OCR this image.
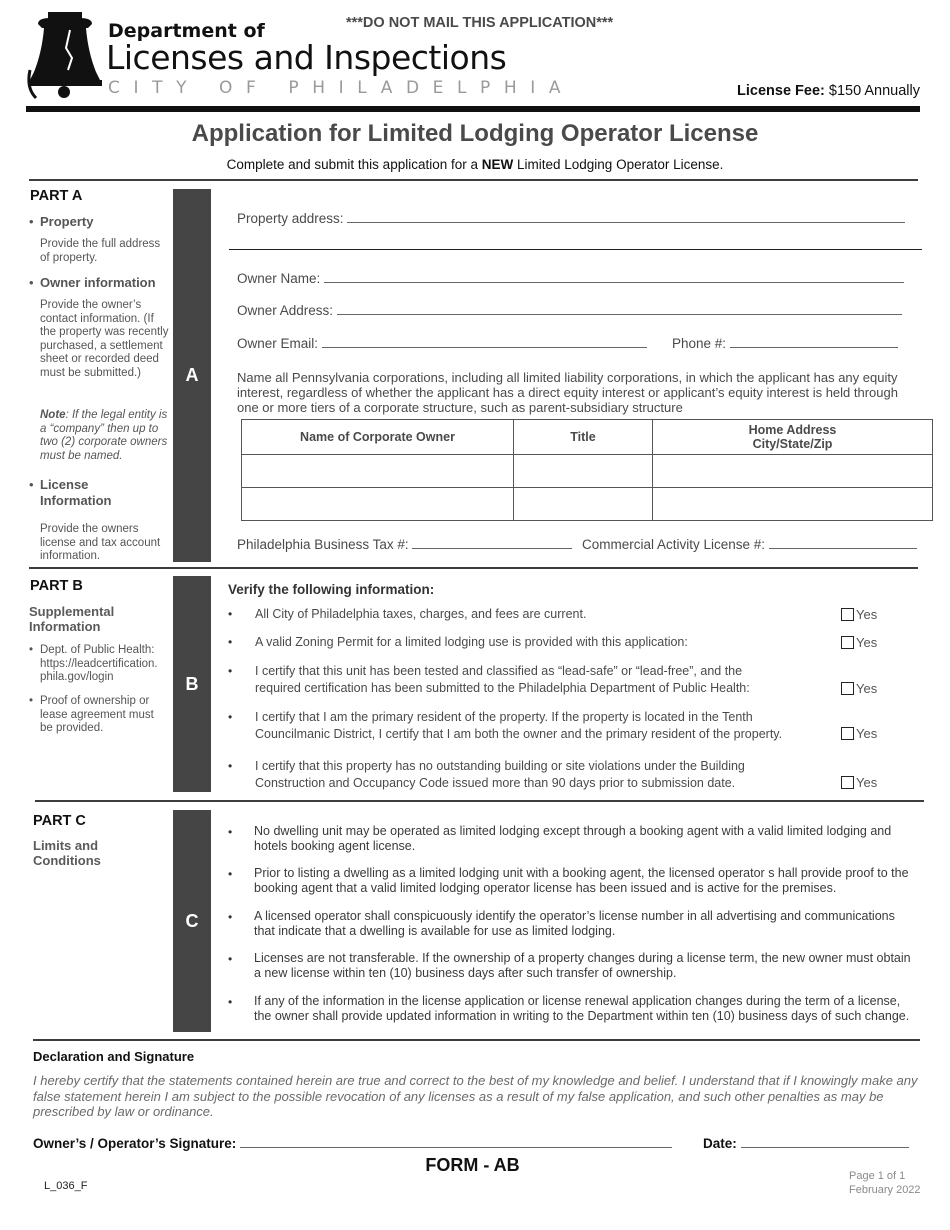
Department of
Licenses and Inspections
CITY OF PHILADELPHIA
***DO NOT MAIL THIS APPLICATION***
License Fee: $150 Annually
Application for Limited Lodging Operator License
Complete and submit this application for a NEW Limited Lodging Operator License.
PART A
• Property
Provide the full address of property.
• Owner information
Provide the owner’s contact information. (If the property was recently purchased, a settlement sheet or recorded deed must be submitted.)
Note: If the legal entity is a “company” then up to two (2) corporate owners must be named.
• License Information
Provide the owners license and tax account information.
A
Property address:
Owner Name:
Owner Address:
Owner Email:	Phone #:
Name all Pennsylvania corporations, including all limited liability corporations, in which the applicant has any equity interest, regardless of whether the applicant has a direct equity interest or applicant’s equity interest is held through one or more tiers of a corporate structure, such as parent-subsidiary structure
Name of Corporate Owner	Title	Home Address
City/State/Zip

Philadelphia Business Tax #:	Commercial Activity License #:
PART B
Supplemental Information
• Dept. of Public Health: https://leadcertification. phila.gov/login
• Proof of ownership or lease agreement must be provided.
B
Verify the following information:
• All City of Philadelphia taxes, charges, and fees are current.	Yes
• A valid Zoning Permit for a limited lodging use is provided with this application:	Yes
• I certify that this unit has been tested and classified as “lead-safe” or “lead-free”, and the
required certification has been submitted to the Philadelphia Department of Public Health:	Yes
• I certify that I am the primary resident of the property. If the property is located in the Tenth
Councilmanic District, I certify that I am both the owner and the primary resident of the property.	Yes
• I certify that this property has no outstanding building or site violations under the Building
Construction and Occupancy Code issued more than 90 days prior to submission date.	Yes
PART C
Limits and Conditions
C
• No dwelling unit may be operated as limited lodging except through a booking agent with a valid limited lodging and hotels booking agent license.
• Prior to listing a dwelling as a limited lodging unit with a booking agent, the licensed operator s hall provide proof to the booking agent that a valid limited lodging operator license has been issued and is active for the premises.
• A licensed operator shall conspicuously identify the operator’s license number in all advertising and communications that indicate that a dwelling is available for use as limited lodging.
• Licenses are not transferable. If the ownership of a property changes during a license term, the new owner must obtain a new license within ten (10) business days after such transfer of ownership.
• If any of the information in the license application or license renewal application changes during the term of a license, the owner shall provide updated information in writing to the Department within ten (10) business days of such change.
Declaration and Signature
I hereby certify that the statements contained herein are true and correct to the best of my knowledge and belief. I understand that if I knowingly make any false statement herein I am subject to the possible revocation of any licenses as a result of my false application, and such other penalties as may be prescribed by law or ordinance.
Owner’s / Operator’s Signature:	Date:
FORM - AB
L_036_F
Page 1 of 1
February 2022
